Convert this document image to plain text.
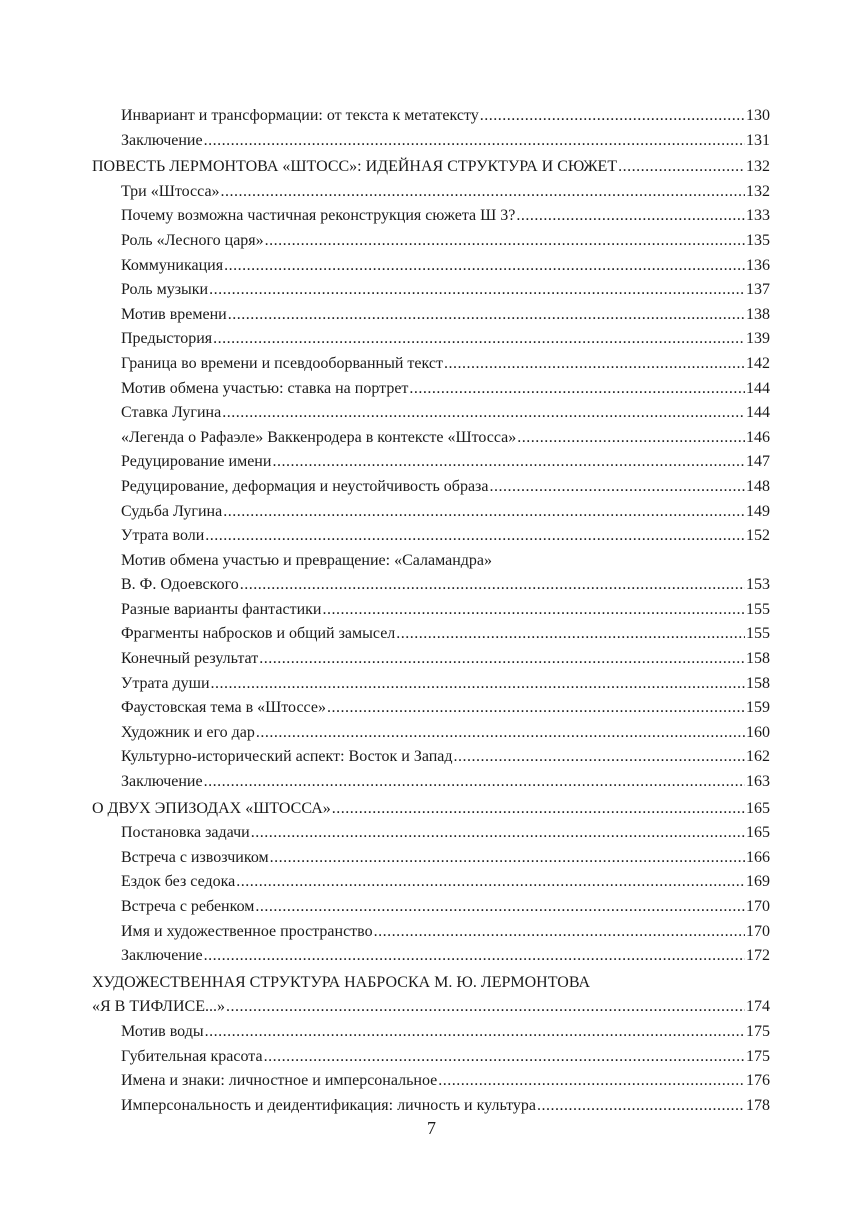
Инвариант и трансформации: от текста к метатексту .....	130
Заключение .....	131
ПОВЕСТЬ ЛЕРМОНТОВА «ШТОСС»: ИДЕЙНАЯ СТРУКТУРА И СЮЖЕТ .....	132
Три «Штосса» .....	132
Почему возможна частичная реконструкция сюжета Ш 3? .....	133
Роль «Лесного царя» .....	135
Коммуникация .....	136
Роль музыки .....	137
Мотив времени .....	138
Предыстория .....	139
Граница во времени и псевдооборванный текст .....	142
Мотив обмена участью: ставка на портрет .....	144
Ставка Лугина .....	144
«Легенда о Рафаэле» Ваккенродера в контексте «Штосса» .....	146
Редуцирование имени .....	147
Редуцирование, деформация и неустойчивость образа .....	148
Судьба Лугина .....	149
Утрата воли .....	152
Мотив обмена участью и превращение: «Саламандра»
В. Ф. Одоевского .....	153
Разные варианты фантастики .....	155
Фрагменты набросков и общий замысел .....	155
Конечный результат .....	158
Утрата души .....	158
Фаустовская тема в «Штоссе» .....	159
Художник и его дар .....	160
Культурно-исторический аспект: Восток и Запад .....	162
Заключение .....	163
О ДВУХ ЭПИЗОДАХ «ШТОССА» .....	165
Постановка задачи .....	165
Встреча с извозчиком .....	166
Ездок без седока .....	169
Встреча с ребенком .....	170
Имя и художественное пространство .....	170
Заключение .....	172
ХУДОЖЕСТВЕННАЯ СТРУКТУРА НАБРОСКА М. Ю. ЛЕРМОНТОВА
«Я В ТИФЛИСЕ...» .....	174
Мотив воды .....	175
Губительная красота .....	175
Имена и знаки: личностное и имперсональное .....	176
Имперсональность и деидентификация: личность и культура .....	178
7
